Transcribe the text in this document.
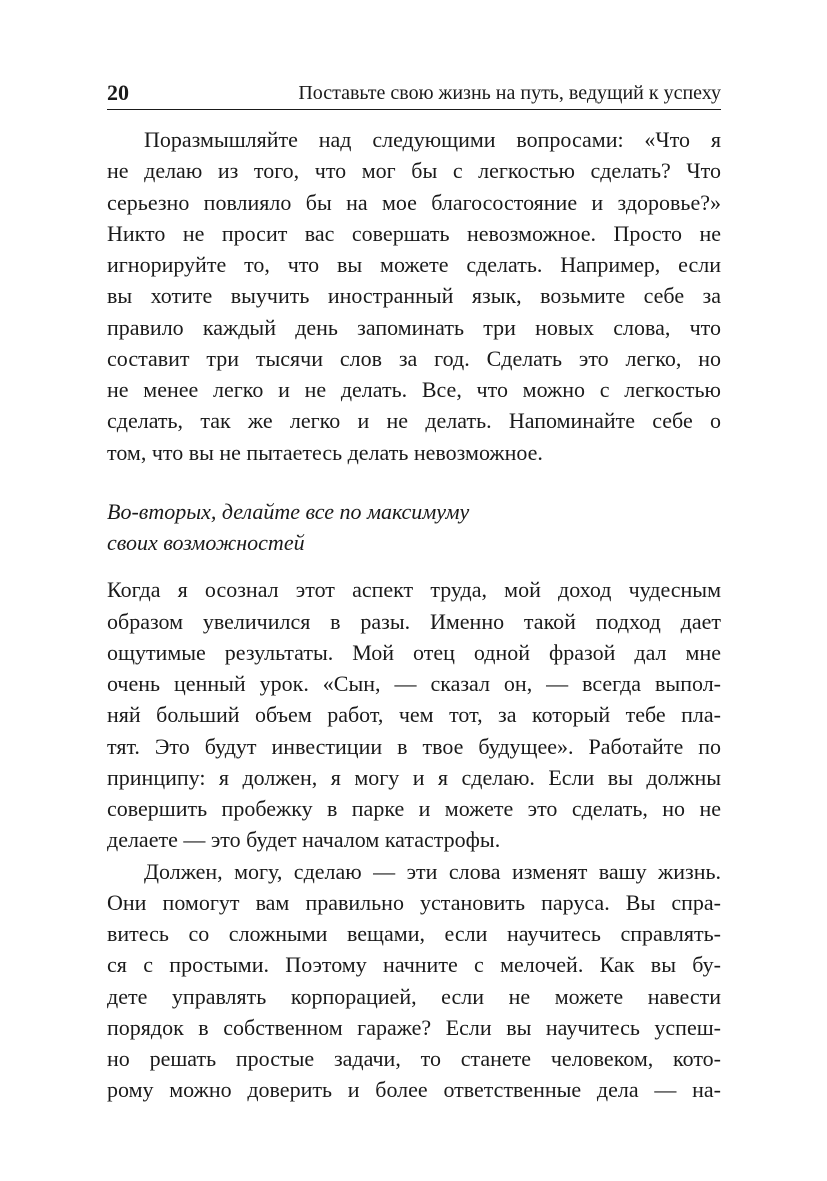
20	Поставьте свою жизнь на путь, ведущий к успеху
Поразмышляйте над следующими вопросами: «Что я
не делаю из того, что мог бы с легкостью сделать? Что
серьезно повлияло бы на мое благосостояние и здоровье?»
Никто не просит вас совершать невозможное. Просто не
игнорируйте то, что вы можете сделать. Например, если
вы хотите выучить иностранный язык, возьмите себе за
правило каждый день запоминать три новых слова, что
составит три тысячи слов за год. Сделать это легко, но
не менее легко и не делать. Все, что можно с легкостью
сделать, так же легко и не делать. Напоминайте себе о
том, что вы не пытаетесь делать невозможное.
Во-вторых, делайте все по максимуму
своих возможностей
Когда я осознал этот аспект труда, мой доход чудесным
образом увеличился в разы. Именно такой подход дает
ощутимые результаты. Мой отец одной фразой дал мне
очень ценный урок. «Сын, — сказал он, — всегда выпол-
няй больший объем работ, чем тот, за который тебе пла-
тят. Это будут инвестиции в твое будущее». Работайте по
принципу: я должен, я могу и я сделаю. Если вы должны
совершить пробежку в парке и можете это сделать, но не
делаете — это будет началом катастрофы.
Должен, могу, сделаю — эти слова изменят вашу жизнь.
Они помогут вам правильно установить паруса. Вы спра-
витесь со сложными вещами, если научитесь справлять-
ся с простыми. Поэтому начните с мелочей. Как вы бу-
дете управлять корпорацией, если не можете навести
порядок в собственном гараже? Если вы научитесь успеш-
но решать простые задачи, то станете человеком, кото-
рому можно доверить и более ответственные дела — на-
